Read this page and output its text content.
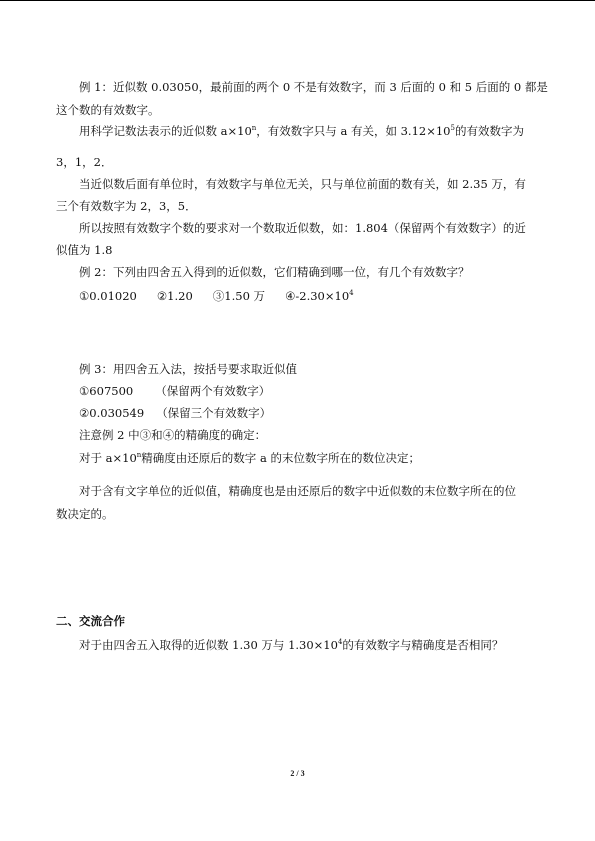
例 1：近似数 0.03050，最前面的两个 0 不是有效数字，而 3 后面的 0 和 5 后面的 0 都是
这个数的有效数字。
用科学记数法表示的近似数 $a\times 10^n$，有效数字只与 a 有关，如 $3.12\times 10^5$的有效数字为
3，1，2．
当近似数后面有单位时，有效数字与单位无关，只与单位前面的数有关，如 2.35 万，有
三个有效数字为 2，3，5．
所以按照有效数字个数的要求对一个数取近似数，如：1.804（保留两个有效数字）的近
似值为 1.8
例 2：下列由四舍五入得到的近似数，它们精确到哪一位，有几个有效数字？
①0.01020 ②1.20 ③1.50 万 $④-2.30\times 10^4$
例 3：用四舍五入法，按括号要求取近似值
①607500 （保留两个有效数字）
②0.030549 （保留三个有效数字）
注意例 2 中③和④的精确度的确定：
对于 $a\times 10^n$精确度由还原后的数字 a 的末位数字所在的数位决定；
对于含有文字单位的近似值，精确度也是由还原后的数字中近似数的末位数字所在的位
数决定的。
二、交流合作
对于由四舍五入取得的近似数 1.30 万与 $1.30\times 10^4$的有效数字与精确度是否相同？
2 / 3
